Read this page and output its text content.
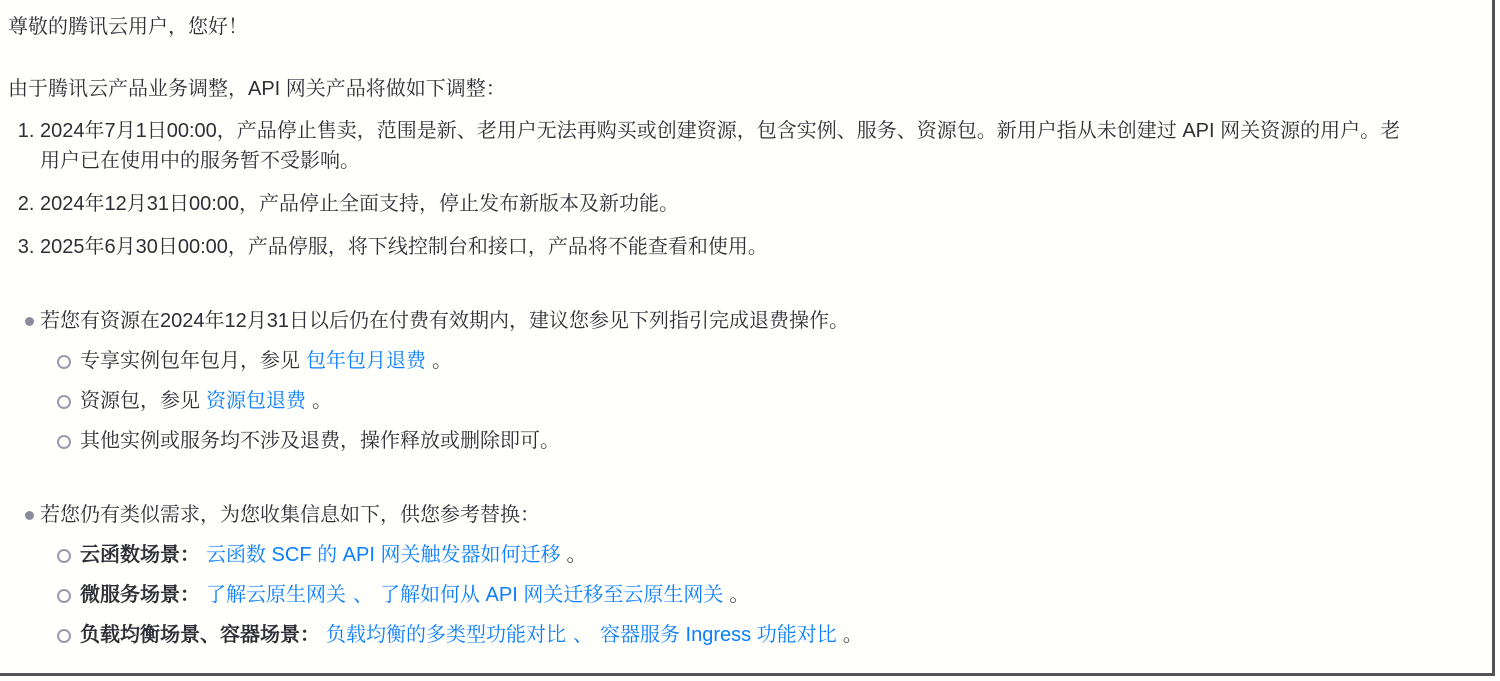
尊敬的腾讯云用户，您好！

由于腾讯云产品业务调整，API 网关产品将做如下调整：

1. 2024年7月1日00:00，产品停止售卖，范围是新、老用户无法再购买或创建资源，包含实例、服务、资源包。新用户指从未创建过 API 网关资源的用户。老用户已在使用中的服务暂不受影响。
2. 2024年12月31日00:00，产品停止全面支持，停止发布新版本及新功能。
3. 2025年6月30日00:00，产品停服，将下线控制台和接口，产品将不能查看和使用。
若您有资源在2024年12月31日以后仍在付费有效期内，建议您参见下列指引完成退费操作。
专享实例包年包月，参见 包年包月退费 。
资源包，参见 资源包退费 。
其他实例或服务均不涉及退费，操作释放或删除即可。
若您仍有类似需求，为您收集信息如下，供您参考替换：
云函数场景： 云函数 SCF 的 API 网关触发器如何迁移 。
微服务场景： 了解云原生网关 、 了解如何从 API 网关迁移至云原生网关 。
负载均衡场景、容器场景： 负载均衡的多类型功能对比 、 容器服务 Ingress 功能对比 。
